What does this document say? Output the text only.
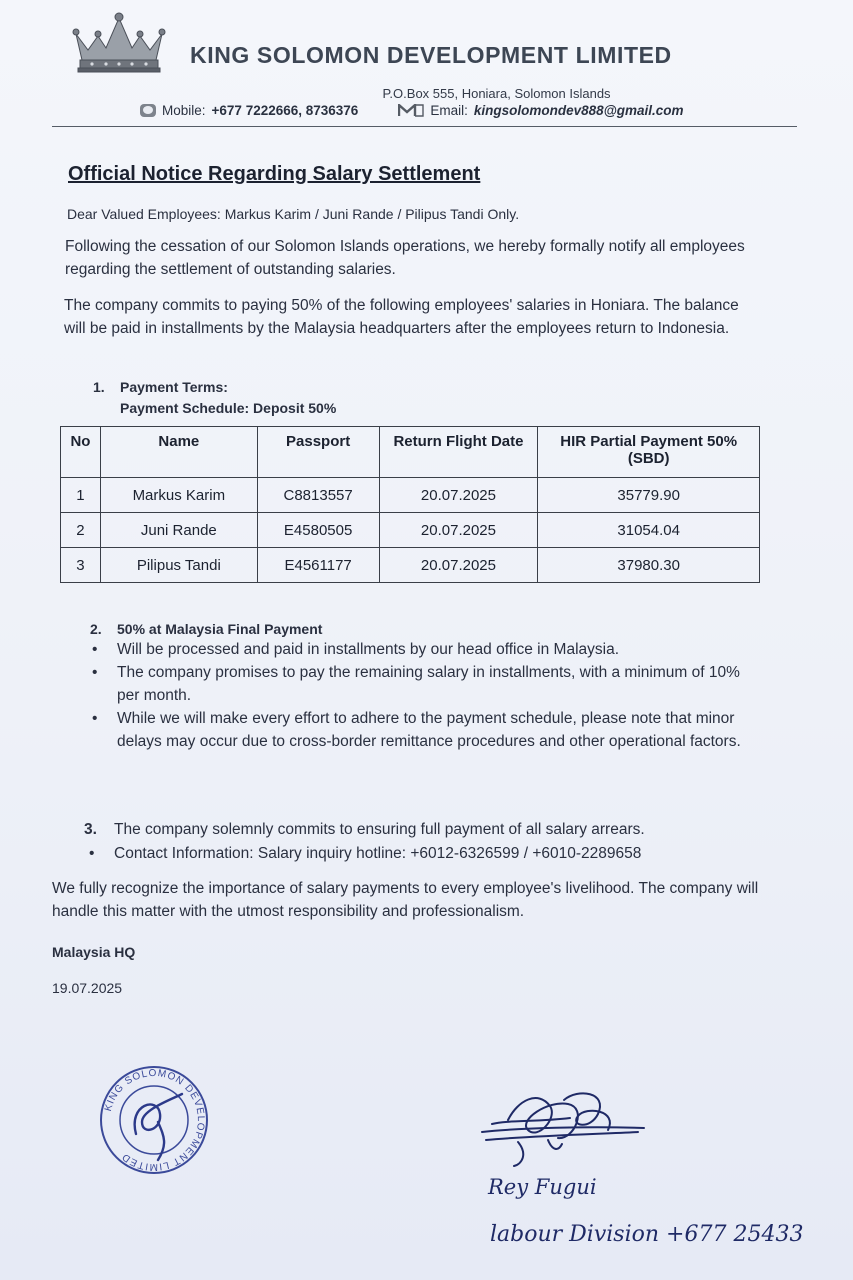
KING SOLOMON DEVELOPMENT LIMITED
P.O.Box 555, Honiara, Solomon Islands
Mobile: +677 7222666, 8736376	Email: kingsolomondev888@gmail.com
Official Notice Regarding Salary Settlement
Dear Valued Employees: Markus Karim / Juni Rande / Pilipus Tandi Only.
Following the cessation of our Solomon Islands operations, we hereby formally notify all employees regarding the settlement of outstanding salaries.
The company commits to paying 50% of the following employees' salaries in Honiara. The balance will be paid in installments by the Malaysia headquarters after the employees return to Indonesia.
1. Payment Terms:
Payment Schedule: Deposit 50%
No	Name	Passport	Return Flight Date	HIR Partial Payment 50% (SBD)
1	Markus Karim	C8813557	20.07.2025	35779.90
2	Juni Rande	E4580505	20.07.2025	31054.04
3	Pilipus Tandi	E4561177	20.07.2025	37980.30
2. 50% at Malaysia Final Payment
• Will be processed and paid in installments by our head office in Malaysia.
• The company promises to pay the remaining salary in installments, with a minimum of 10% per month.
• While we will make every effort to adhere to the payment schedule, please note that minor delays may occur due to cross-border remittance procedures and other operational factors.
3. The company solemnly commits to ensuring full payment of all salary arrears.
• Contact Information: Salary inquiry hotline: +6012-6326599 / +6010-2289658
We fully recognize the importance of salary payments to every employee's livelihood. The company will handle this matter with the utmost responsibility and professionalism.
Malaysia HQ
19.07.2025
KING SOLOMON DEVELOPMENT LIMITED
Rey Fugui
labour Division +677 25433
